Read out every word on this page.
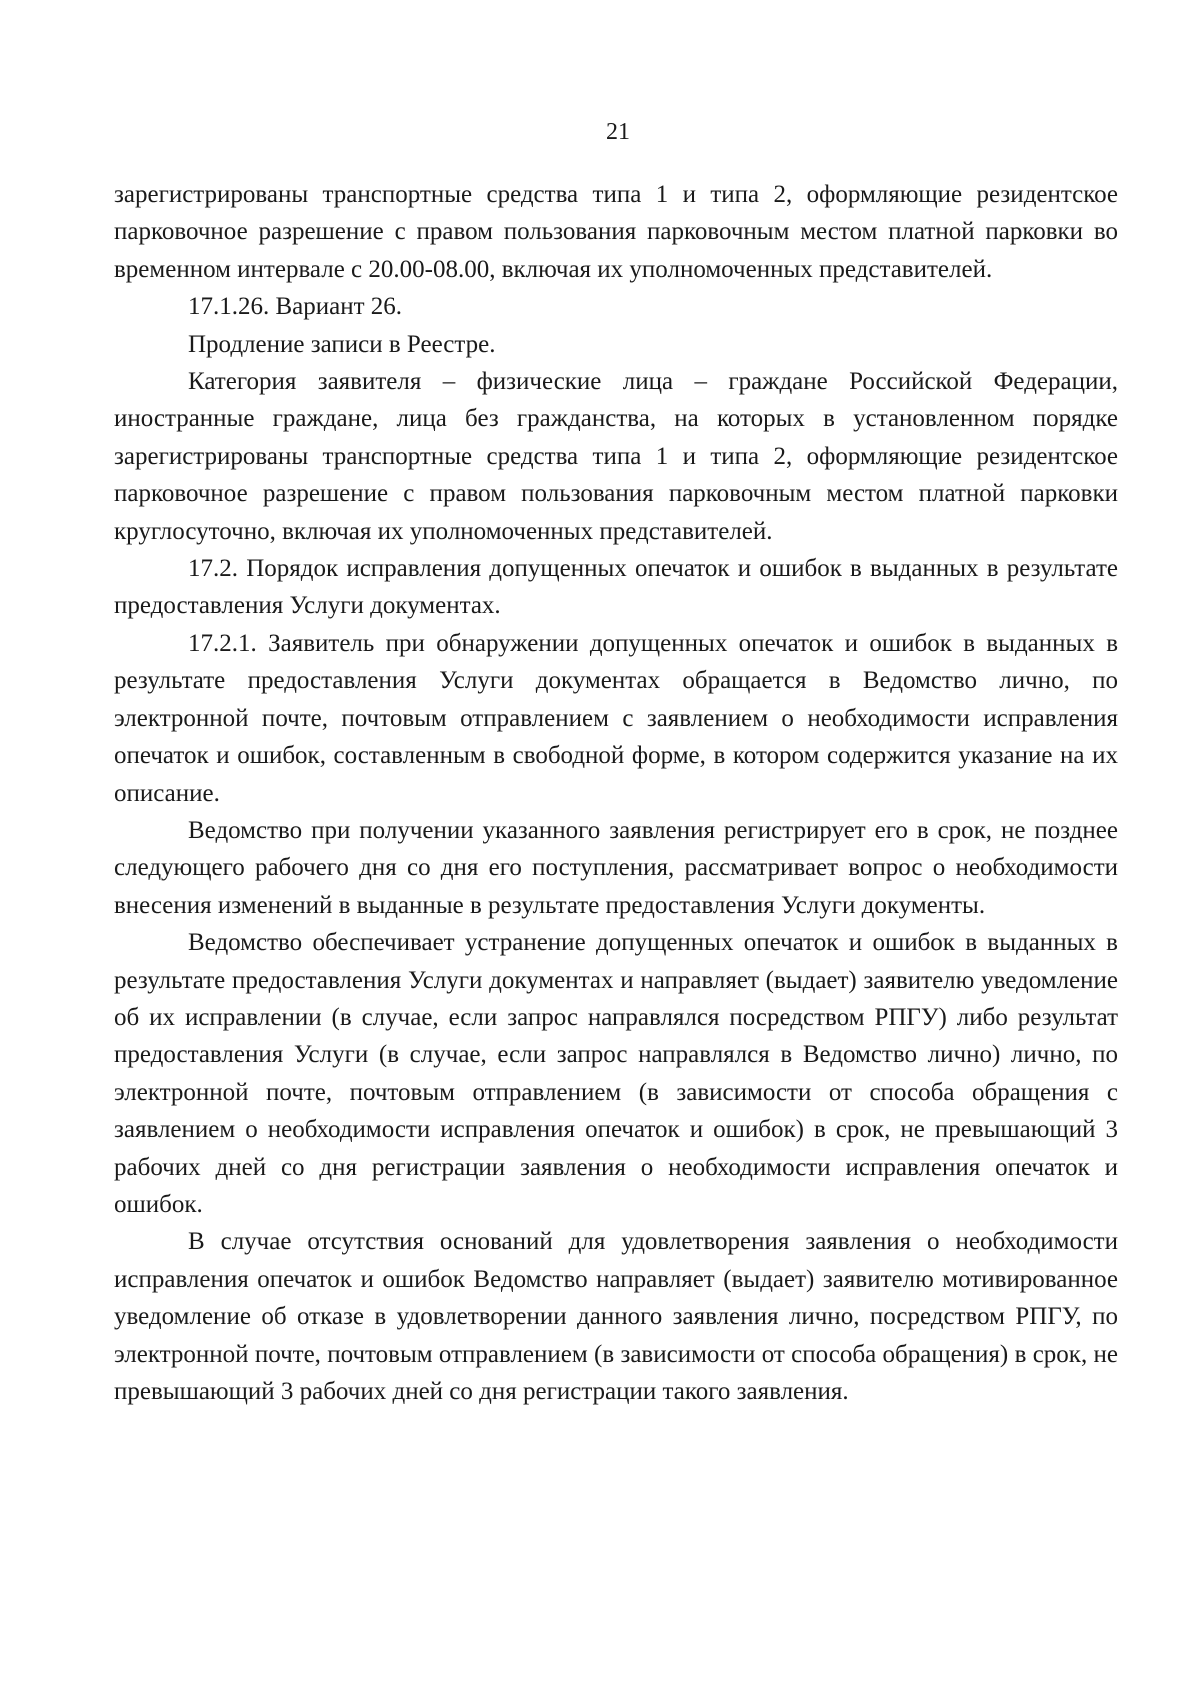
21

зарегистрированы транспортные средства типа 1 и типа 2, оформляющие резидентское парковочное разрешение с правом пользования парковочным местом платной парковки во временном интервале с 20.00-08.00, включая их уполномоченных представителей.

17.1.26. Вариант 26.

Продление записи в Реестре.

Категория заявителя – физические лица – граждане Российской Федерации, иностранные граждане, лица без гражданства, на которых в установленном порядке зарегистрированы транспортные средства типа 1 и типа 2, оформляющие резидентское парковочное разрешение с правом пользования парковочным местом платной парковки круглосуточно, включая их уполномоченных представителей.

17.2. Порядок исправления допущенных опечаток и ошибок в выданных в результате предоставления Услуги документах.

17.2.1. Заявитель при обнаружении допущенных опечаток и ошибок в выданных в результате предоставления Услуги документах обращается в Ведомство лично, по электронной почте, почтовым отправлением с заявлением о необходимости исправления опечаток и ошибок, составленным в свободной форме, в котором содержится указание на их описание.

Ведомство при получении указанного заявления регистрирует его в срок, не позднее следующего рабочего дня со дня его поступления, рассматривает вопрос о необходимости внесения изменений в выданные в результате предоставления Услуги документы.

Ведомство обеспечивает устранение допущенных опечаток и ошибок в выданных в результате предоставления Услуги документах и направляет (выдает) заявителю уведомление об их исправлении (в случае, если запрос направлялся посредством РПГУ) либо результат предоставления Услуги (в случае, если запрос направлялся в Ведомство лично) лично, по электронной почте, почтовым отправлением (в зависимости от способа обращения с заявлением о необходимости исправления опечаток и ошибок) в срок, не превышающий 3 рабочих дней со дня регистрации заявления о необходимости исправления опечаток и ошибок.

В случае отсутствия оснований для удовлетворения заявления о необходимости исправления опечаток и ошибок Ведомство направляет (выдает) заявителю мотивированное уведомление об отказе в удовлетворении данного заявления лично, посредством РПГУ, по электронной почте, почтовым отправлением (в зависимости от способа обращения) в срок, не превышающий 3 рабочих дней со дня регистрации такого заявления.
